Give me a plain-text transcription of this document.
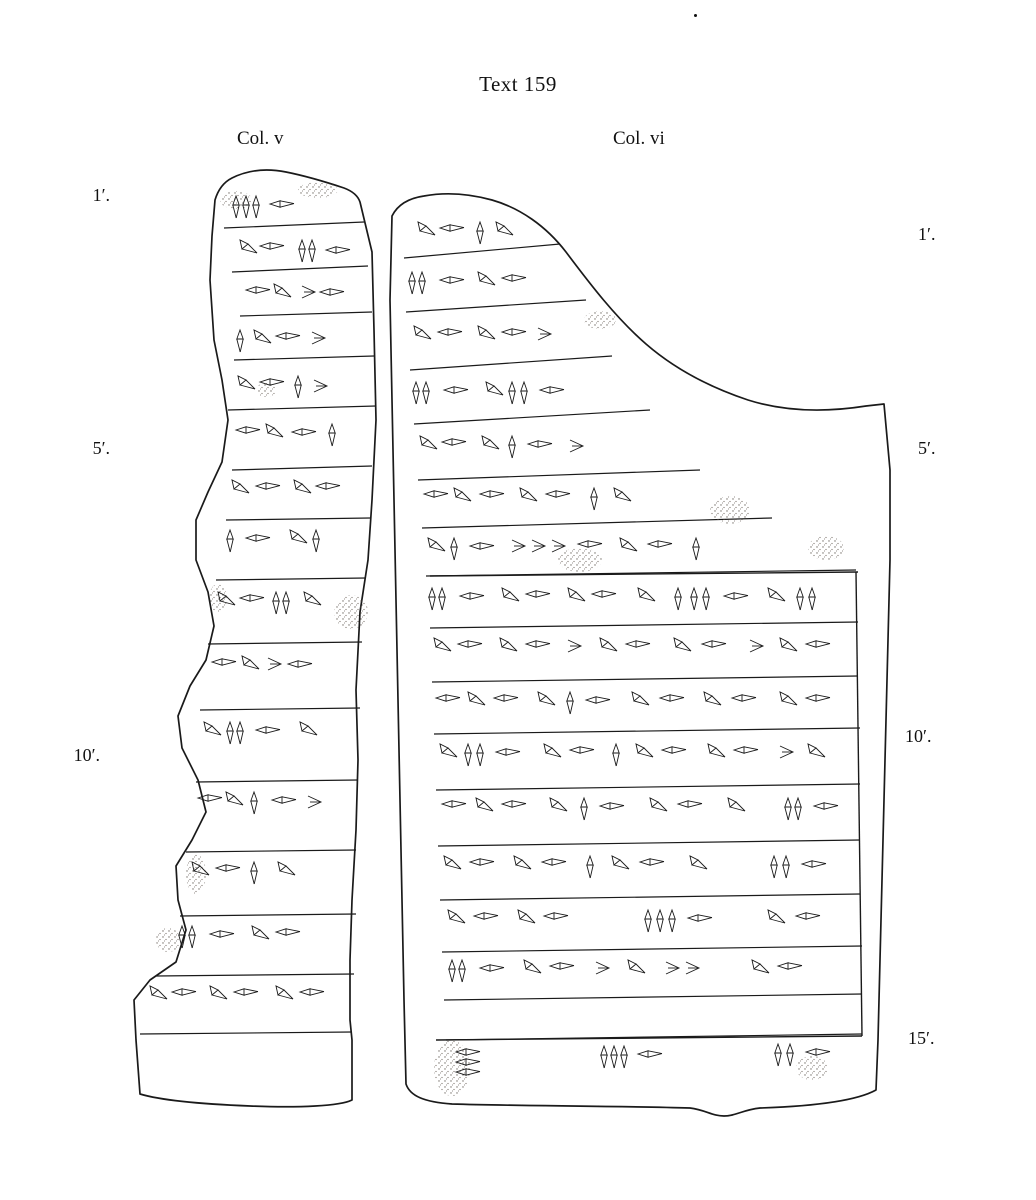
Text 159
Col. v	Col. vi
1′.
5′.
10′.
1′.
5′.
10′.
15′.
